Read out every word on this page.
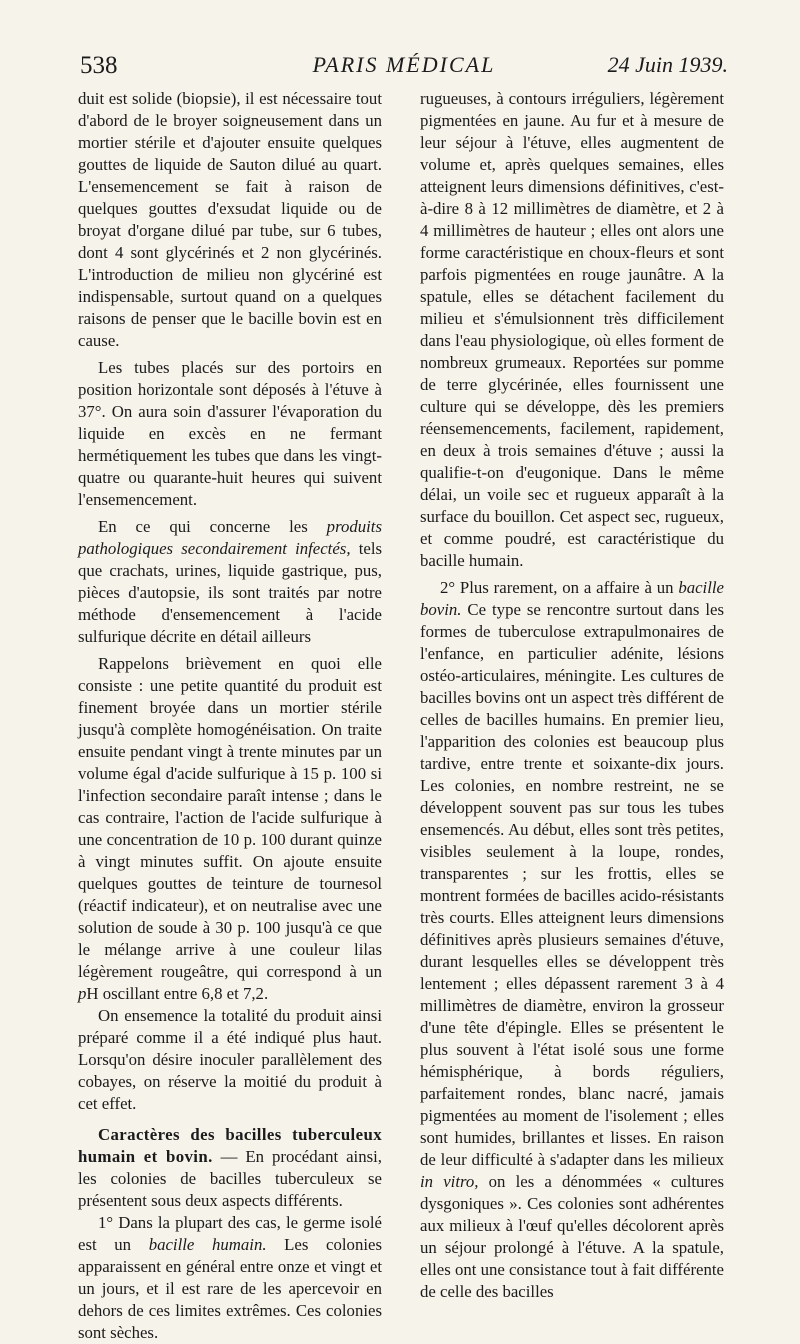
538	PARIS MÉDICAL	24 Juin 1939.

duit est solide (biopsie), il est nécessaire tout d'abord de le broyer soigneusement dans un mortier stérile et d'ajouter ensuite quelques gouttes de liquide de Sauton dilué au quart. L'ensemencement se fait à raison de quelques gouttes d'exsudat liquide ou de broyat d'organe dilué par tube, sur 6 tubes, dont 4 sont glycérinés et 2 non glycérinés. L'introduction de milieu non glycériné est indispensable, surtout quand on a quelques raisons de penser que le bacille bovin est en cause.

Les tubes placés sur des portoirs en position horizontale sont déposés à l'étuve à 37°. On aura soin d'assurer l'évaporation du liquide en excès en ne fermant hermétiquement les tubes que dans les vingt-quatre ou quarante-huit heures qui suivent l'ensemencement.

En ce qui concerne les produits pathologiques secondairement infectés, tels que crachats, urines, liquide gastrique, pus, pièces d'autopsie, ils sont traités par notre méthode d'ensemencement à l'acide sulfurique décrite en détail ailleurs

Rappelons brièvement en quoi elle consiste : une petite quantité du produit est finement broyée dans un mortier stérile jusqu'à complète homogénéisation. On traite ensuite pendant vingt à trente minutes par un volume égal d'acide sulfurique à 15 p. 100 si l'infection secondaire paraît intense ; dans le cas contraire, l'action de l'acide sulfurique à une concentration de 10 p. 100 durant quinze à vingt minutes suffit. On ajoute ensuite quelques gouttes de teinture de tournesol (réactif indicateur), et on neutralise avec une solution de soude à 30 p. 100 jusqu'à ce que le mélange arrive à une couleur lilas légèrement rougeâtre, qui correspond à un pH oscillant entre 6,8 et 7,2.

On ensemence la totalité du produit ainsi préparé comme il a été indiqué plus haut. Lorsqu'on désire inoculer parallèlement des cobayes, on réserve la moitié du produit à cet effet.

Caractères des bacilles tuberculeux humain et bovin. — En procédant ainsi, les colonies de bacilles tuberculeux se présentent sous deux aspects différents.

1° Dans la plupart des cas, le germe isolé est un bacille humain. Les colonies apparaissent en général entre onze et vingt et un jours, et il est rare de les apercevoir en dehors de ces limites extrêmes. Ces colonies sont sèches.

rugueuses, à contours irréguliers, légèrement pigmentées en jaune. Au fur et à mesure de leur séjour à l'étuve, elles augmentent de volume et, après quelques semaines, elles atteignent leurs dimensions définitives, c'est-à-dire 8 à 12 millimètres de diamètre, et 2 à 4 millimètres de hauteur ; elles ont alors une forme caractéristique en choux-fleurs et sont parfois pigmentées en rouge jaunâtre. A la spatule, elles se détachent facilement du milieu et s'émulsionnent très difficilement dans l'eau physiologique, où elles forment de nombreux grumeaux. Reportées sur pomme de terre glycérinée, elles fournissent une culture qui se développe, dès les premiers réensemencements, facilement, rapidement, en deux à trois semaines d'étuve ; aussi la qualifie-t-on d'eugonique. Dans le même délai, un voile sec et rugueux apparaît à la surface du bouillon. Cet aspect sec, rugueux, et comme poudré, est caractéristique du bacille humain.

2° Plus rarement, on a affaire à un bacille bovin. Ce type se rencontre surtout dans les formes de tuberculose extrapulmonaires de l'enfance, en particulier adénite, lésions ostéo-articulaires, méningite. Les cultures de bacilles bovins ont un aspect très différent de celles de bacilles humains. En premier lieu, l'apparition des colonies est beaucoup plus tardive, entre trente et soixante-dix jours. Les colonies, en nombre restreint, ne se développent souvent pas sur tous les tubes ensemencés. Au début, elles sont très petites, visibles seulement à la loupe, rondes, transparentes ; sur les frottis, elles se montrent formées de bacilles acido-résistants très courts. Elles atteignent leurs dimensions définitives après plusieurs semaines d'étuve, durant lesquelles elles se développent très lentement ; elles dépassent rarement 3 à 4 millimètres de diamètre, environ la grosseur d'une tête d'épingle. Elles se présentent le plus souvent à l'état isolé sous une forme hémisphérique, à bords réguliers, parfaitement rondes, blanc nacré, jamais pigmentées au moment de l'isolement ; elles sont humides, brillantes et lisses. En raison de leur difficulté à s'adapter dans les milieux in vitro, on les a dénommées « cultures dysgoniques ». Ces colonies sont adhérentes aux milieux à l'œuf qu'elles décolorent après un séjour prolongé à l'étuve. A la spatule, elles ont une consistance tout à fait différente de celle des bacilles
